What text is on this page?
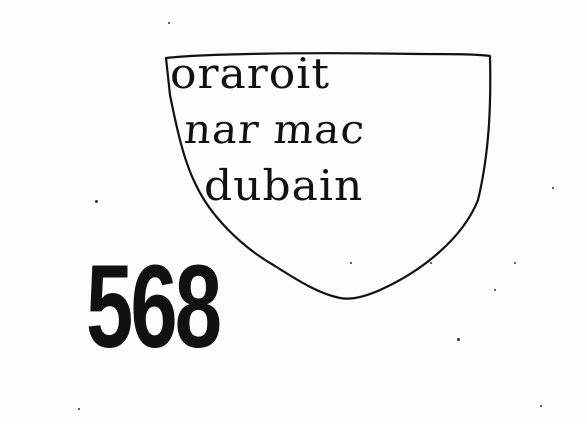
oraroit
nar mac
dubain
568
